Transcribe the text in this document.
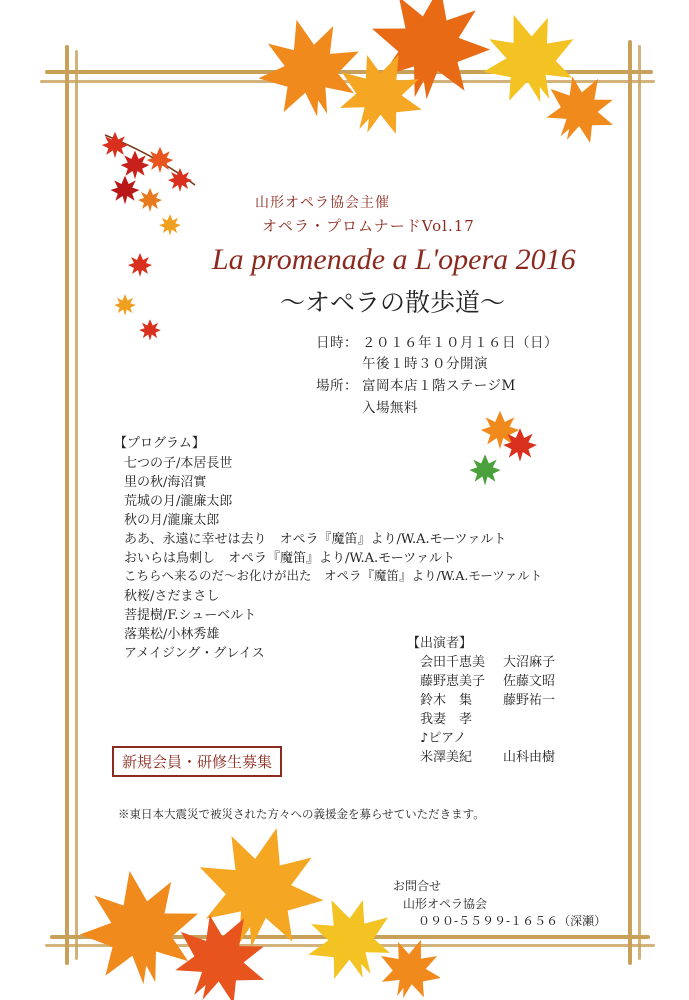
山形オペラ協会主催
オペラ・プロムナードVol.17
La promenade a L'opera 2016
～オペラの散歩道～
日時： ２０１６年１０月１６日（日）
午後１時３０分開演
場所： 富岡本店１階ステージM
入場無料
【プログラム】
七つの子/本居長世
里の秋/海沼實
荒城の月/瀧廉太郎
秋の月/瀧廉太郎
ああ、永遠に幸せは去り　オペラ『魔笛』より/W.A.モーツァルト
おいらは鳥刺し　オペラ『魔笛』より/W.A.モーツァルト
こちらへ来るのだ～お化けが出た　オペラ『魔笛』より/W.A.モーツァルト
秋桜/さだまさし
菩提樹/F.シューベルト
落葉松/小林秀雄
アメイジング・グレイス
【出演者】
会田千恵美 大沼麻子
藤野恵美子 佐藤文昭
鈴木　集 藤野祐一
我妻　孝
♪ピアノ
米澤美紀 山科由樹
新規会員・研修生募集
※東日本大震災で被災された方々への義援金を募らせていただきます。
お問合せ
山形オペラ協会
０９０-５５９９-１６５６（深瀬）
